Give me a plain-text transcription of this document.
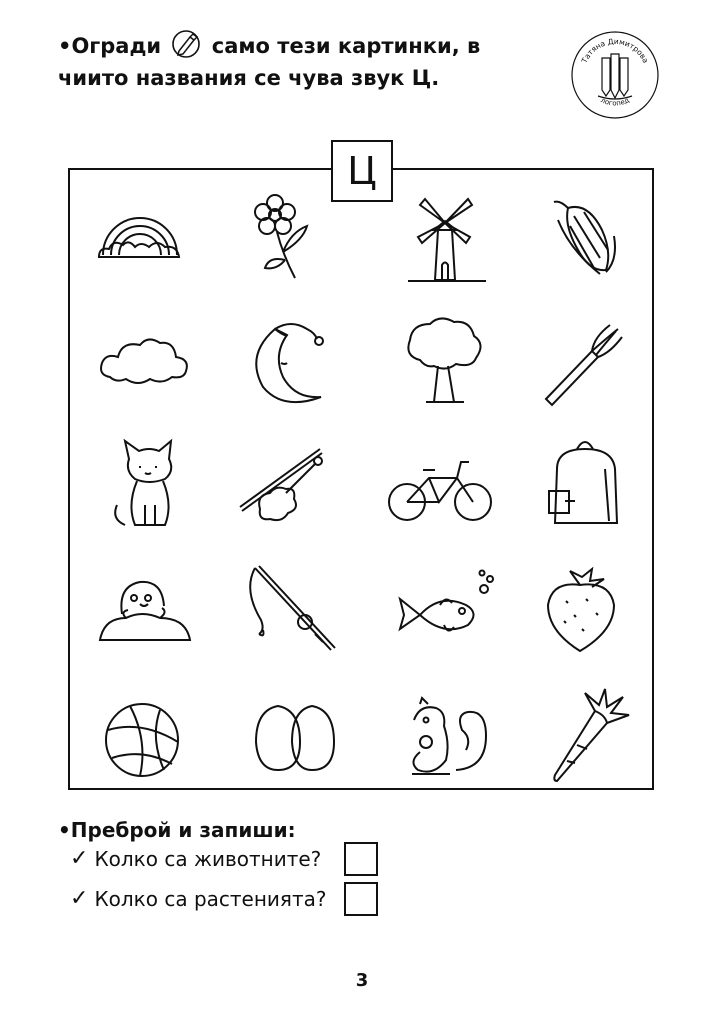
•Огради само тези картинки, в чиито названия се чува звук Ц.
Татяна Димитрова
логопед
Ц
•Преброй и запиши:
✓ Колко са животните?
✓ Колко са растенията?
3
